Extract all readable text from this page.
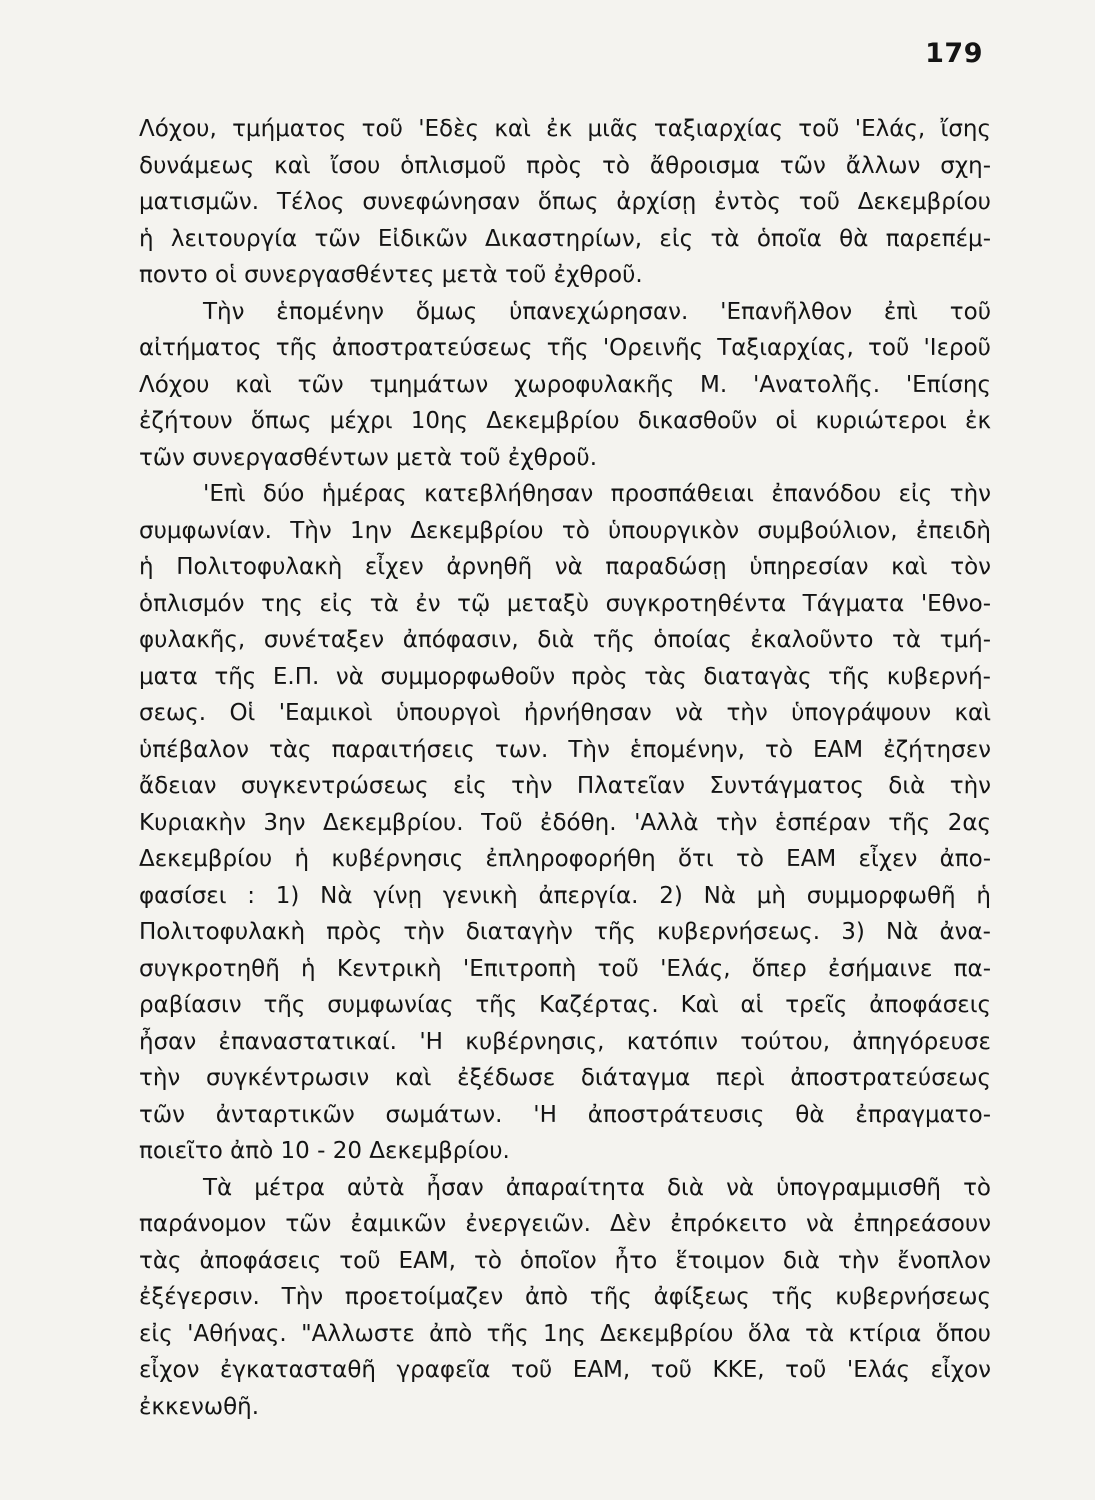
179
Λόχου, τμήματος τοῦ 'Εδὲς καὶ ἐκ μιᾶς ταξιαρχίας τοῦ 'Ελάς, ἴσης
δυνάμεως καὶ ἴσου ὁπλισμοῦ πρὸς τὸ ἄθροισμα τῶν ἄλλων σχη-
ματισμῶν. Τέλος συνεφώνησαν ὅπως ἀρχίσῃ ἐντὸς τοῦ Δεκεμβρίου
ἡ λειτουργία τῶν Εἰδικῶν Δικαστηρίων, εἰς τὰ ὁποῖα θὰ παρεπέμ-
ποντο οἱ συνεργασθέντες μετὰ τοῦ ἐχθροῦ.
Τὴν ἑπομένην ὅμως ὑπανεχώρησαν. 'Επανῆλθον ἐπὶ τοῦ
αἰτήματος τῆς ἀποστρατεύσεως τῆς 'Ορεινῆς Ταξιαρχίας, τοῦ 'Ιεροῦ
Λόχου καὶ τῶν τμημάτων χωροφυλακῆς Μ. 'Ανατολῆς. 'Επίσης
ἐζήτουν ὅπως μέχρι 10ης Δεκεμβρίου δικασθοῦν οἱ κυριώτεροι ἐκ
τῶν συνεργασθέντων μετὰ τοῦ ἐχθροῦ.
'Επὶ δύο ἡμέρας κατεβλήθησαν προσπάθειαι ἐπανόδου εἰς τὴν
συμφωνίαν. Τὴν 1ην Δεκεμβρίου τὸ ὑπουργικὸν συμβούλιον, ἐπειδὴ
ἡ Πολιτοφυλακὴ εἶχεν ἀρνηθῆ νὰ παραδώσῃ ὑπηρεσίαν καὶ τὸν
ὁπλισμόν της εἰς τὰ ἐν τῷ μεταξὺ συγκροτηθέντα Τάγματα 'Εθνο-
φυλακῆς, συνέταξεν ἀπόφασιν, διὰ τῆς ὁποίας ἐκαλοῦντο τὰ τμή-
ματα τῆς Ε.Π. νὰ συμμορφωθοῦν πρὸς τὰς διαταγὰς τῆς κυβερνή-
σεως. Οἱ 'Εαμικοὶ ὑπουργοὶ ἠρνήθησαν νὰ τὴν ὑπογράψουν καὶ
ὑπέβαλον τὰς παραιτήσεις των. Τὴν ἑπομένην, τὸ ΕΑΜ ἐζήτησεν
ἄδειαν συγκεντρώσεως εἰς τὴν Πλατεῖαν Συντάγματος διὰ τὴν
Κυριακὴν 3ην Δεκεμβρίου. Τοῦ ἐδόθη. 'Αλλὰ τὴν ἑσπέραν τῆς 2ας
Δεκεμβρίου ἡ κυβέρνησις ἐπληροφορήθη ὅτι τὸ ΕΑΜ εἶχεν ἀπο-
φασίσει : 1) Νὰ γίνῃ γενικὴ ἀπεργία. 2) Νὰ μὴ συμμορφωθῆ ἡ
Πολιτοφυλακὴ πρὸς τὴν διαταγὴν τῆς κυβερνήσεως. 3) Νὰ ἀνα-
συγκροτηθῆ ἡ Κεντρικὴ 'Επιτροπὴ τοῦ 'Ελάς, ὅπερ ἐσήμαινε πα-
ραβίασιν τῆς συμφωνίας τῆς Καζέρτας. Καὶ αἱ τρεῖς ἀποφάσεις
ἦσαν ἐπαναστατικαί. 'Η κυβέρνησις, κατόπιν τούτου, ἀπηγόρευσε
τὴν συγκέντρωσιν καὶ ἐξέδωσε διάταγμα περὶ ἀποστρατεύσεως
τῶν ἀνταρτικῶν σωμάτων. 'Η ἀποστράτευσις θὰ ἐπραγματο-
ποιεῖτο ἀπὸ 10 - 20 Δεκεμβρίου.
Τὰ μέτρα αὐτὰ ἦσαν ἀπαραίτητα διὰ νὰ ὑπογραμμισθῆ τὸ
παράνομον τῶν ἐαμικῶν ἐνεργειῶν. Δὲν ἐπρόκειτο νὰ ἐπηρεάσουν
τὰς ἀποφάσεις τοῦ ΕΑΜ, τὸ ὁποῖον ἦτο ἕτοιμον διὰ τὴν ἔνοπλον
ἐξέγερσιν. Τὴν προετοίμαζεν ἀπὸ τῆς ἀφίξεως τῆς κυβερνήσεως
εἰς 'Αθήνας. "Αλλωστε ἀπὸ τῆς 1ης Δεκεμβρίου ὅλα τὰ κτίρια ὅπου
εἶχον ἐγκατασταθῆ γραφεῖα τοῦ ΕΑΜ, τοῦ ΚΚΕ, τοῦ 'Ελάς εἶχον
ἐκκενωθῆ.
